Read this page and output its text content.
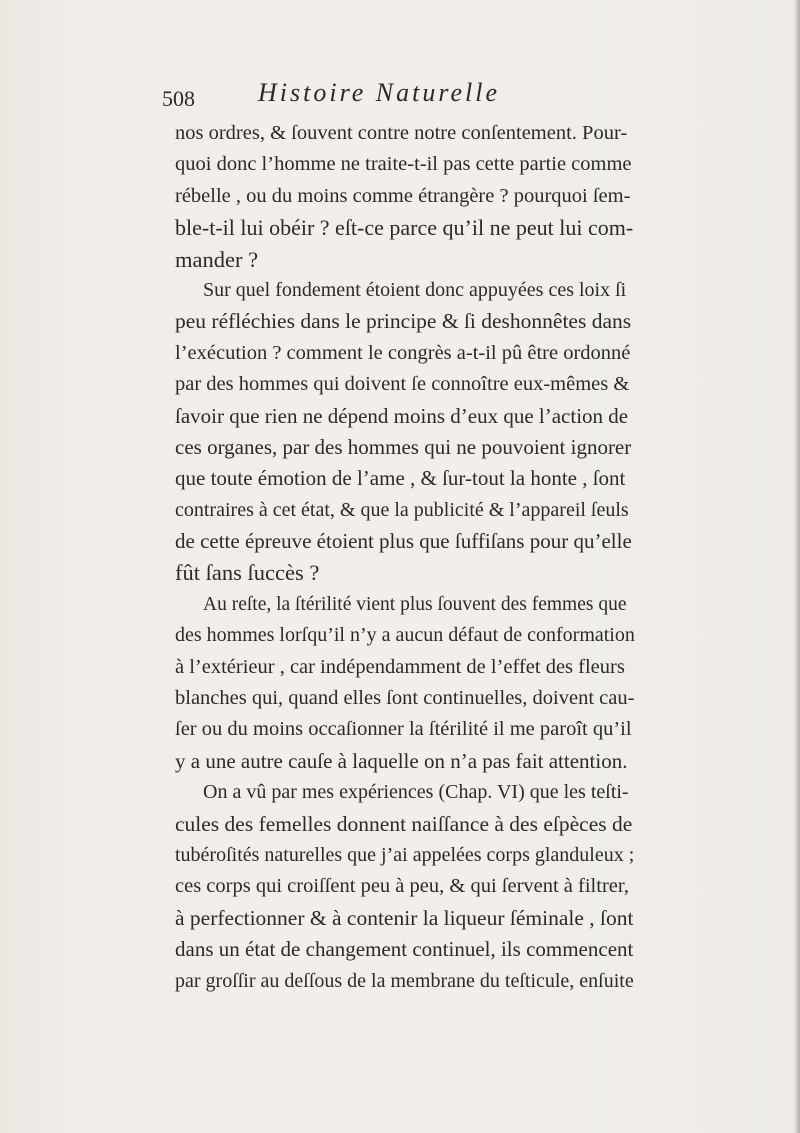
508 Histoire Naturelle
nos ordres, & ſouvent contre notre conſentement. Pour-
quoi donc l’homme ne traite-t-il pas cette partie comme
rébelle , ou du moins comme étrangère ? pourquoi ſem-
ble-t-il lui obéir ? eſt-ce parce qu’il ne peut lui com-
mander ?
Sur quel fondement étoient donc appuyées ces loix ſi
peu réfléchies dans le principe & ſi deshonnêtes dans
l’exécution ? comment le congrès a-t-il pû être ordonné
par des hommes qui doivent ſe connoître eux-mêmes &
ſavoir que rien ne dépend moins d’eux que l’action de
ces organes, par des hommes qui ne pouvoient ignorer
que toute émotion de l’ame , & ſur-tout la honte , ſont
contraires à cet état, & que la publicité & l’appareil ſeuls
de cette épreuve étoient plus que ſuffiſans pour qu’elle
fût ſans ſuccès ?
Au reſte, la ſtérilité vient plus ſouvent des femmes que
des hommes lorſqu’il n’y a aucun défaut de conformation
à l’extérieur , car indépendamment de l’effet des fleurs
blanches qui, quand elles ſont continuelles, doivent cau-
ſer ou du moins occaſionner la ſtérilité il me paroît qu’il
y a une autre cauſe à laquelle on n’a pas fait attention.
On a vû par mes expériences (Chap. VI) que les teſti-
cules des femelles donnent naiſſance à des eſpèces de
tubéroſités naturelles que j’ai appelées corps glanduleux ;
ces corps qui croiſſent peu à peu, & qui ſervent à filtrer,
à perfectionner & à contenir la liqueur ſéminale , ſont
dans un état de changement continuel, ils commencent
par groſſir au deſſous de la membrane du teſticule, enſuite
